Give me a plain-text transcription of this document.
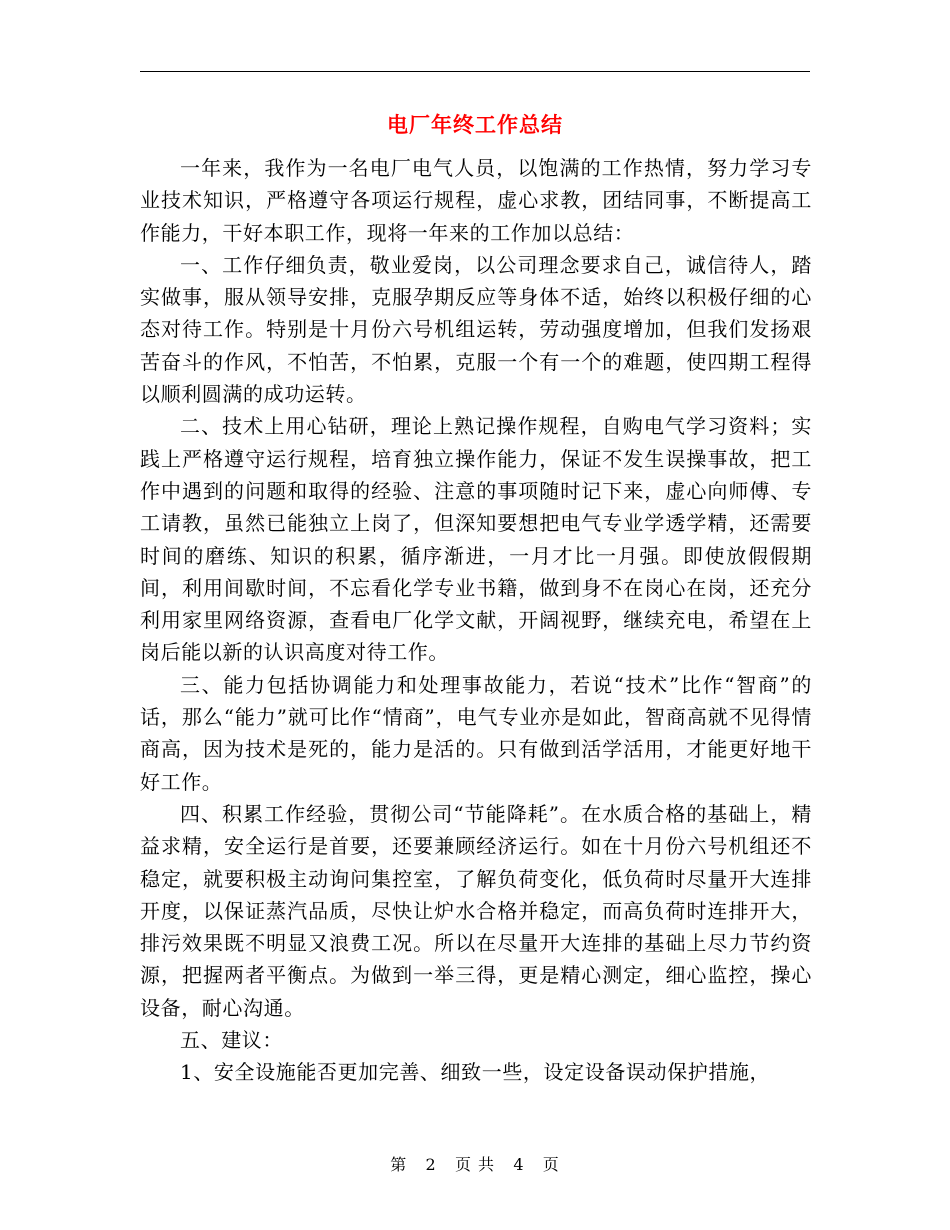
电厂年终工作总结

一年来，我作为一名电厂电气人员，以饱满的工作热情，努力学习专业技术知识，严格遵守各项运行规程，虚心求教，团结同事，不断提高工作能力，干好本职工作，现将一年来的工作加以总结：

一、工作仔细负责，敬业爱岗，以公司理念要求自己，诚信待人，踏实做事，服从领导安排，克服孕期反应等身体不适，始终以积极仔细的心态对待工作。特别是十月份六号机组运转，劳动强度增加，但我们发扬艰苦奋斗的作风，不怕苦，不怕累，克服一个有一个的难题，使四期工程得以顺利圆满的成功运转。

二、技术上用心钻研，理论上熟记操作规程，自购电气学习资料；实践上严格遵守运行规程，培育独立操作能力，保证不发生误操事故，把工作中遇到的问题和取得的经验、注意的事项随时记下来，虚心向师傅、专工请教，虽然已能独立上岗了，但深知要想把电气专业学透学精，还需要时间的磨练、知识的积累，循序渐进，一月才比一月强。即使放假假期间，利用间歇时间，不忘看化学专业书籍，做到身不在岗心在岗，还充分利用家里网络资源，查看电厂化学文献，开阔视野，继续充电，希望在上岗后能以新的认识高度对待工作。

三、能力包括协调能力和处理事故能力，若说“技术”比作“智商”的话，那么“能力”就可比作“情商”，电气专业亦是如此，智商高就不见得情商高，因为技术是死的，能力是活的。只有做到活学活用，才能更好地干好工作。

四、积累工作经验，贯彻公司“节能降耗”。在水质合格的基础上，精益求精，安全运行是首要，还要兼顾经济运行。如在十月份六号机组还不稳定，就要积极主动询问集控室，了解负荷变化，低负荷时尽量开大连排开度，以保证蒸汽品质，尽快让炉水合格并稳定，而高负荷时连排开大，排污效果既不明显又浪费工况。所以在尽量开大连排的基础上尽力节约资源，把握两者平衡点。为做到一举三得，更是精心测定，细心监控，操心设备，耐心沟通。

五、建议：

1、安全设施能否更加完善、细致一些，设定设备误动保护措施，

第 2 页 共 4 页
